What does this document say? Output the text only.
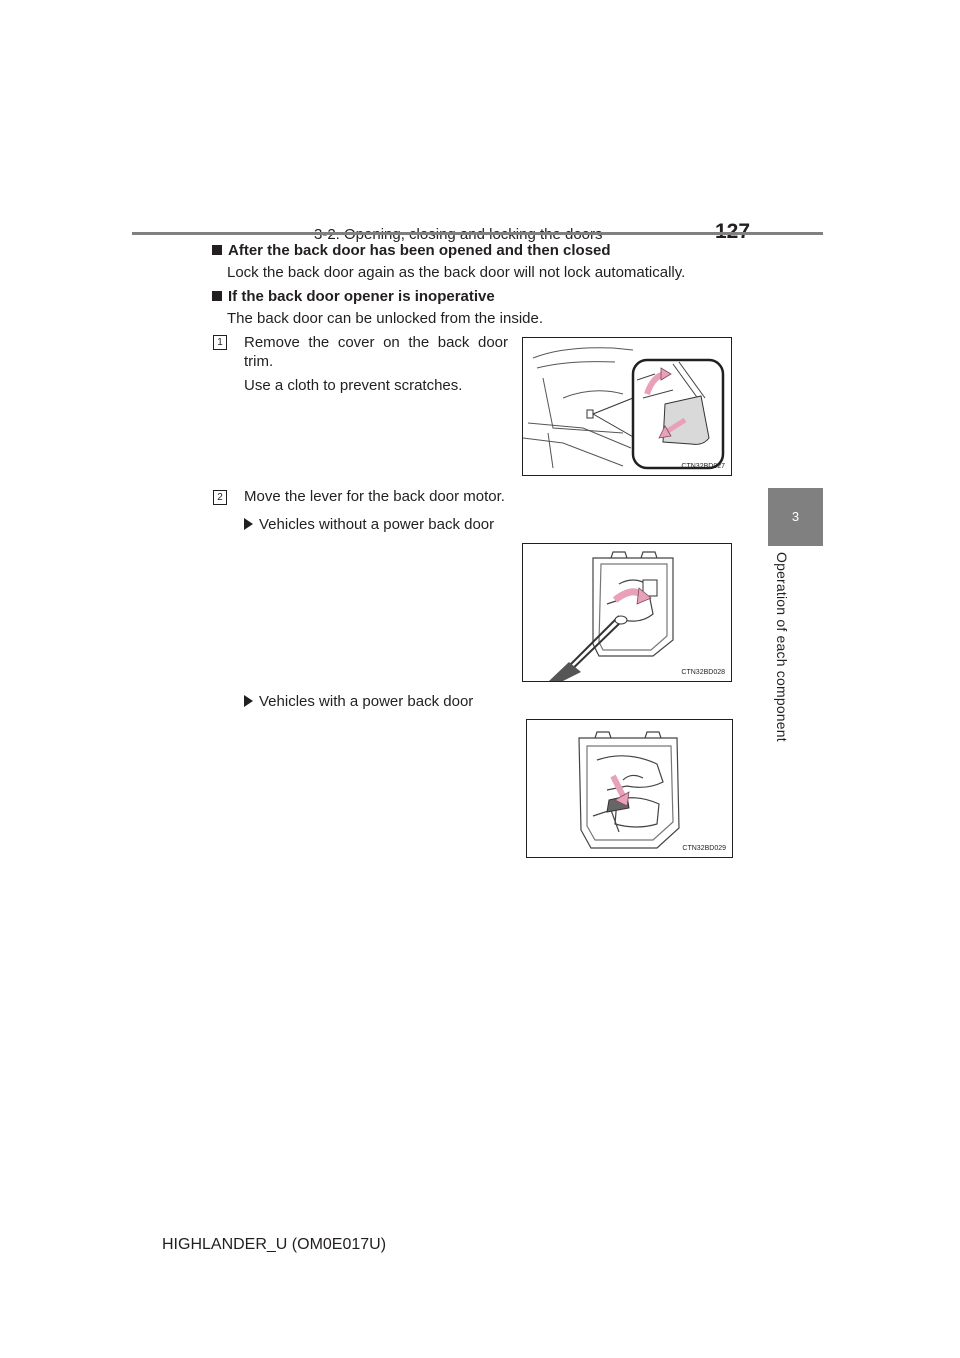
3
Operation of each component
After the back door has been opened and then closed
Lock the back door again as the back door will not lock automatically.
If the back door opener is inoperative
The back door can be unlocked from the inside.
1 Remove the cover on the back door trim.
Use a cloth to prevent scratches.
CTN32BD027
2 Move the lever for the back door motor.
Vehicles without a power back door
CTN32BD028
Vehicles with a power back door
CTN32BD029
HIGHLANDER_U (OM0E017U)
